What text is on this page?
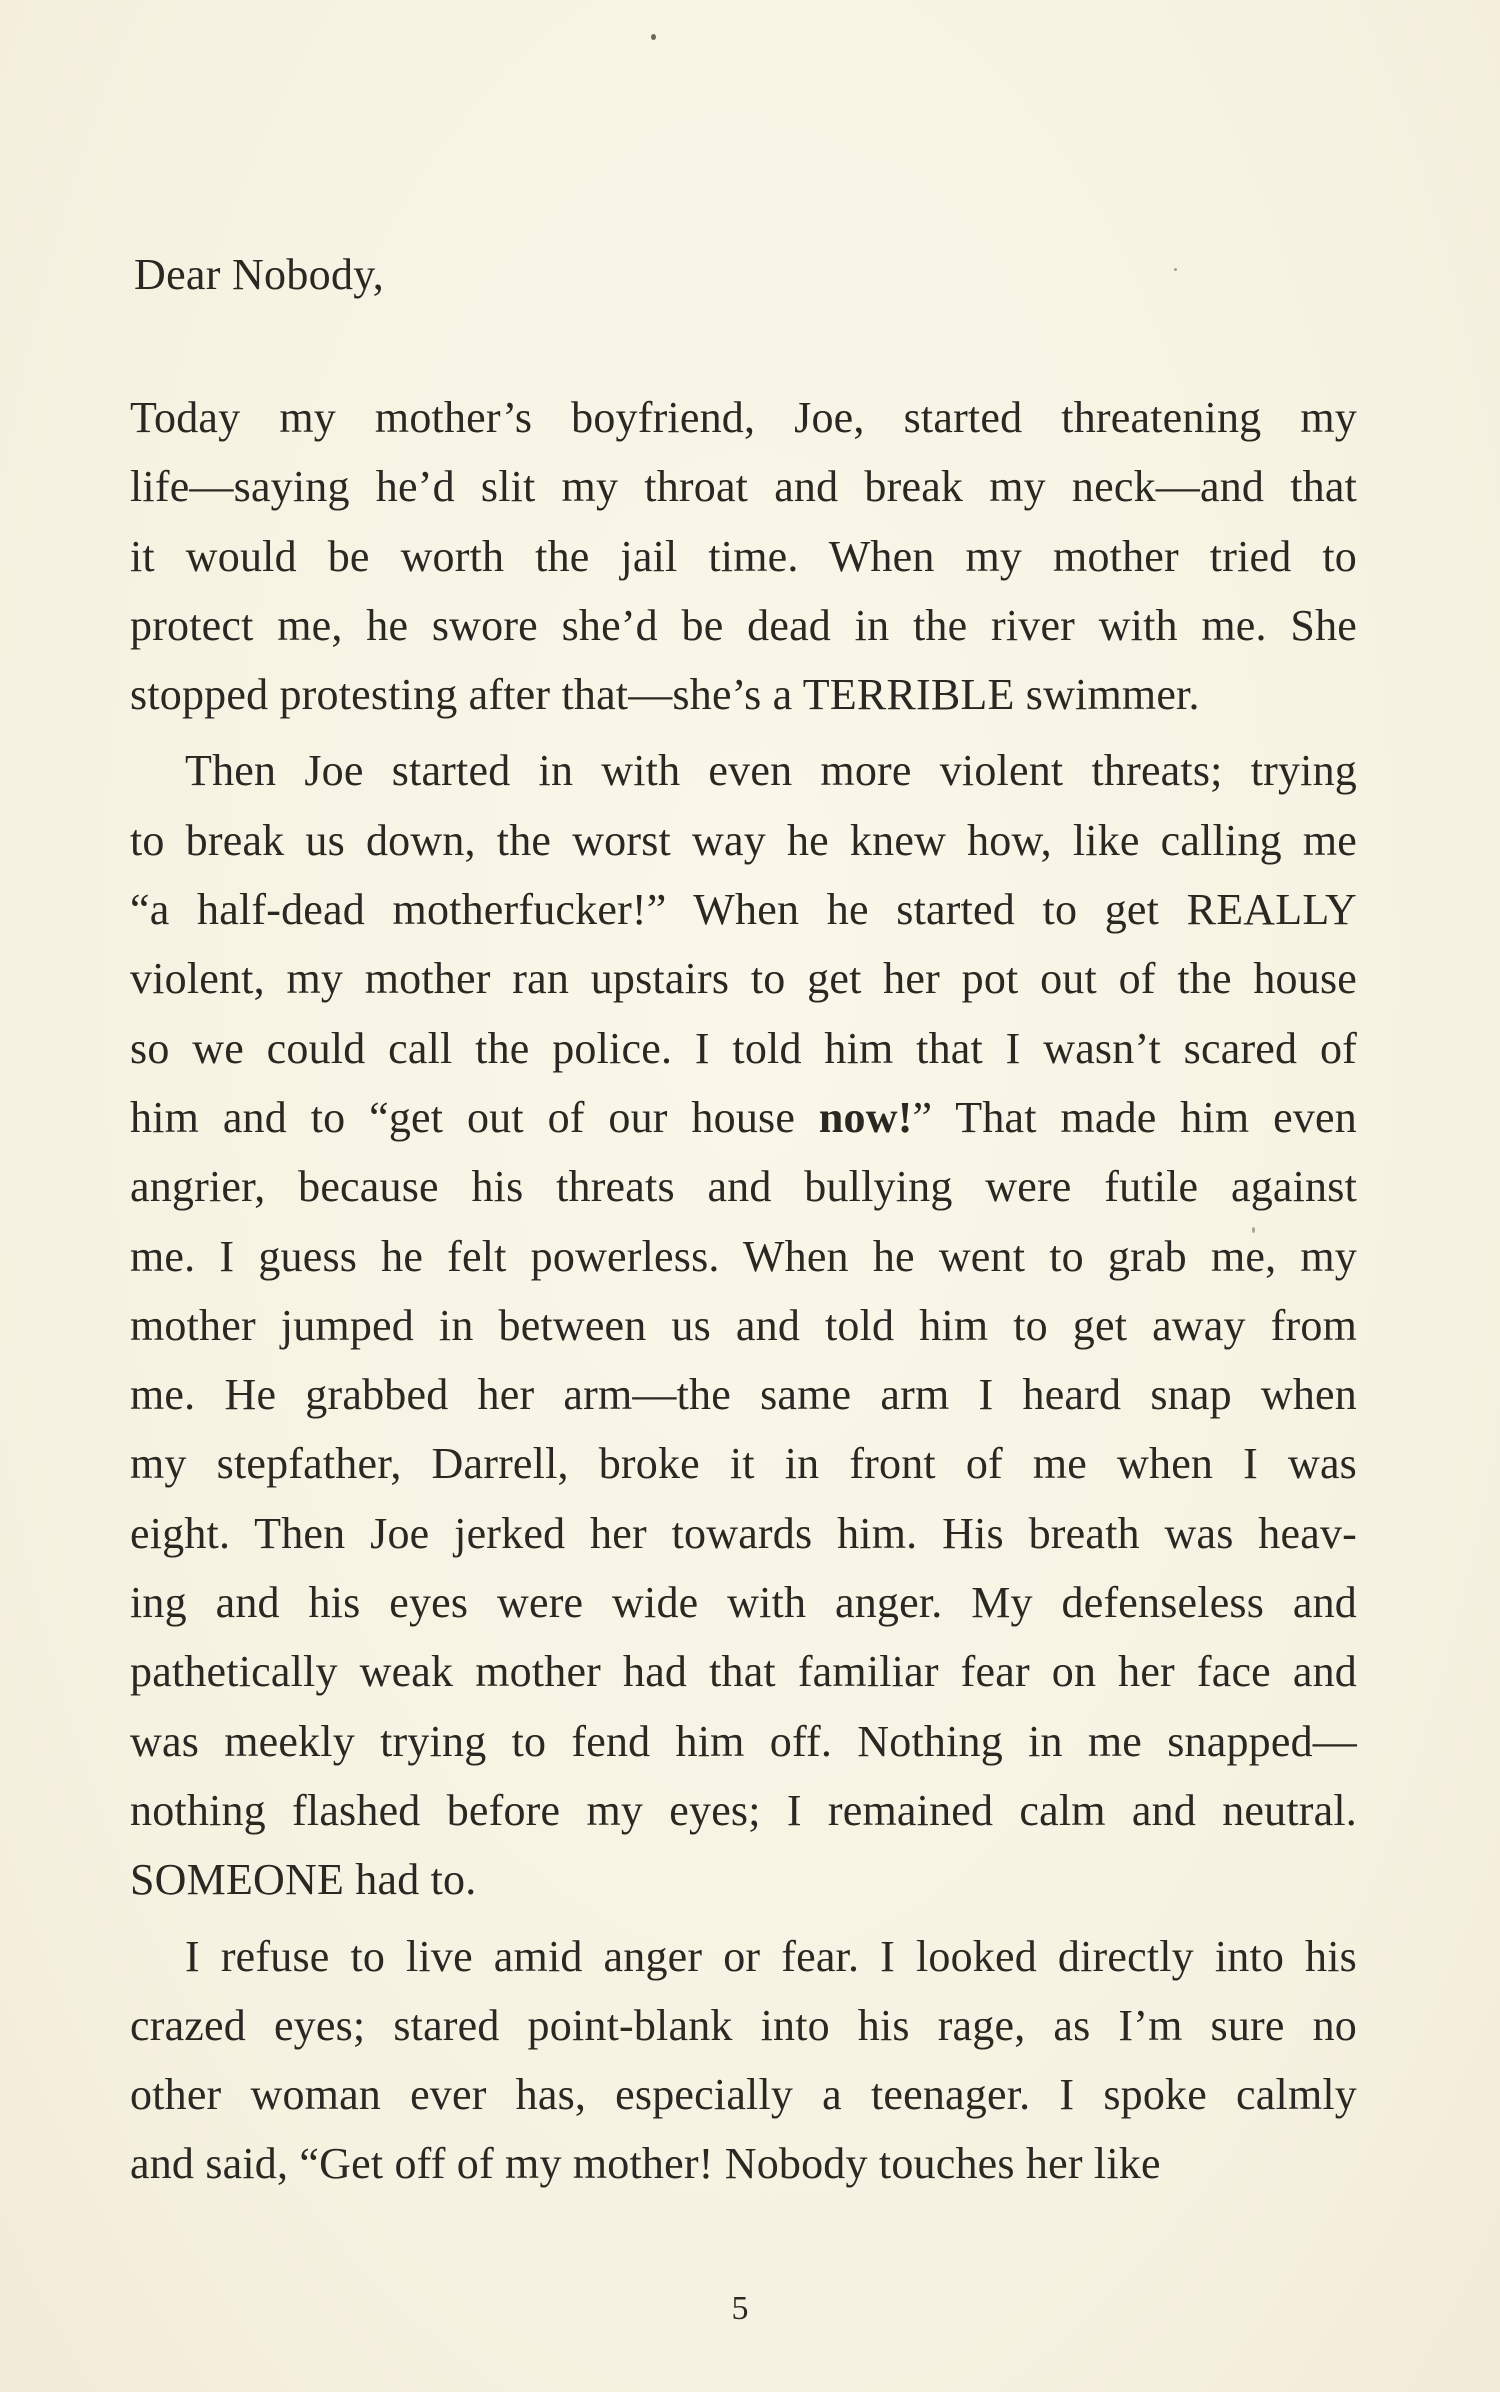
Dear Nobody,

Today my mother’s boyfriend, Joe, started threatening my
life—saying he’d slit my throat and break my neck—and that
it would be worth the jail time. When my mother tried to
protect me, he swore she’d be dead in the river with me. She
stopped protesting after that—she’s a TERRIBLE swimmer.

Then Joe started in with even more violent threats; trying
to break us down, the worst way he knew how, like calling me
“a half-dead motherfucker!” When he started to get REALLY
violent, my mother ran upstairs to get her pot out of the house
so we could call the police. I told him that I wasn’t scared of
him and to “get out of our house now!” That made him even
angrier, because his threats and bullying were futile against
me. I guess he felt powerless. When he went to grab me, my
mother jumped in between us and told him to get away from
me. He grabbed her arm—the same arm I heard snap when
my stepfather, Darrell, broke it in front of me when I was
eight. Then Joe jerked her towards him. His breath was heav-
ing and his eyes were wide with anger. My defenseless and
pathetically weak mother had that familiar fear on her face and
was meekly trying to fend him off. Nothing in me snapped—
nothing flashed before my eyes; I remained calm and neutral.
SOMEONE had to.

I refuse to live amid anger or fear. I looked directly into his
crazed eyes; stared point-blank into his rage, as I’m sure no
other woman ever has, especially a teenager. I spoke calmly
and said, “Get off of my mother! Nobody touches her like

5
